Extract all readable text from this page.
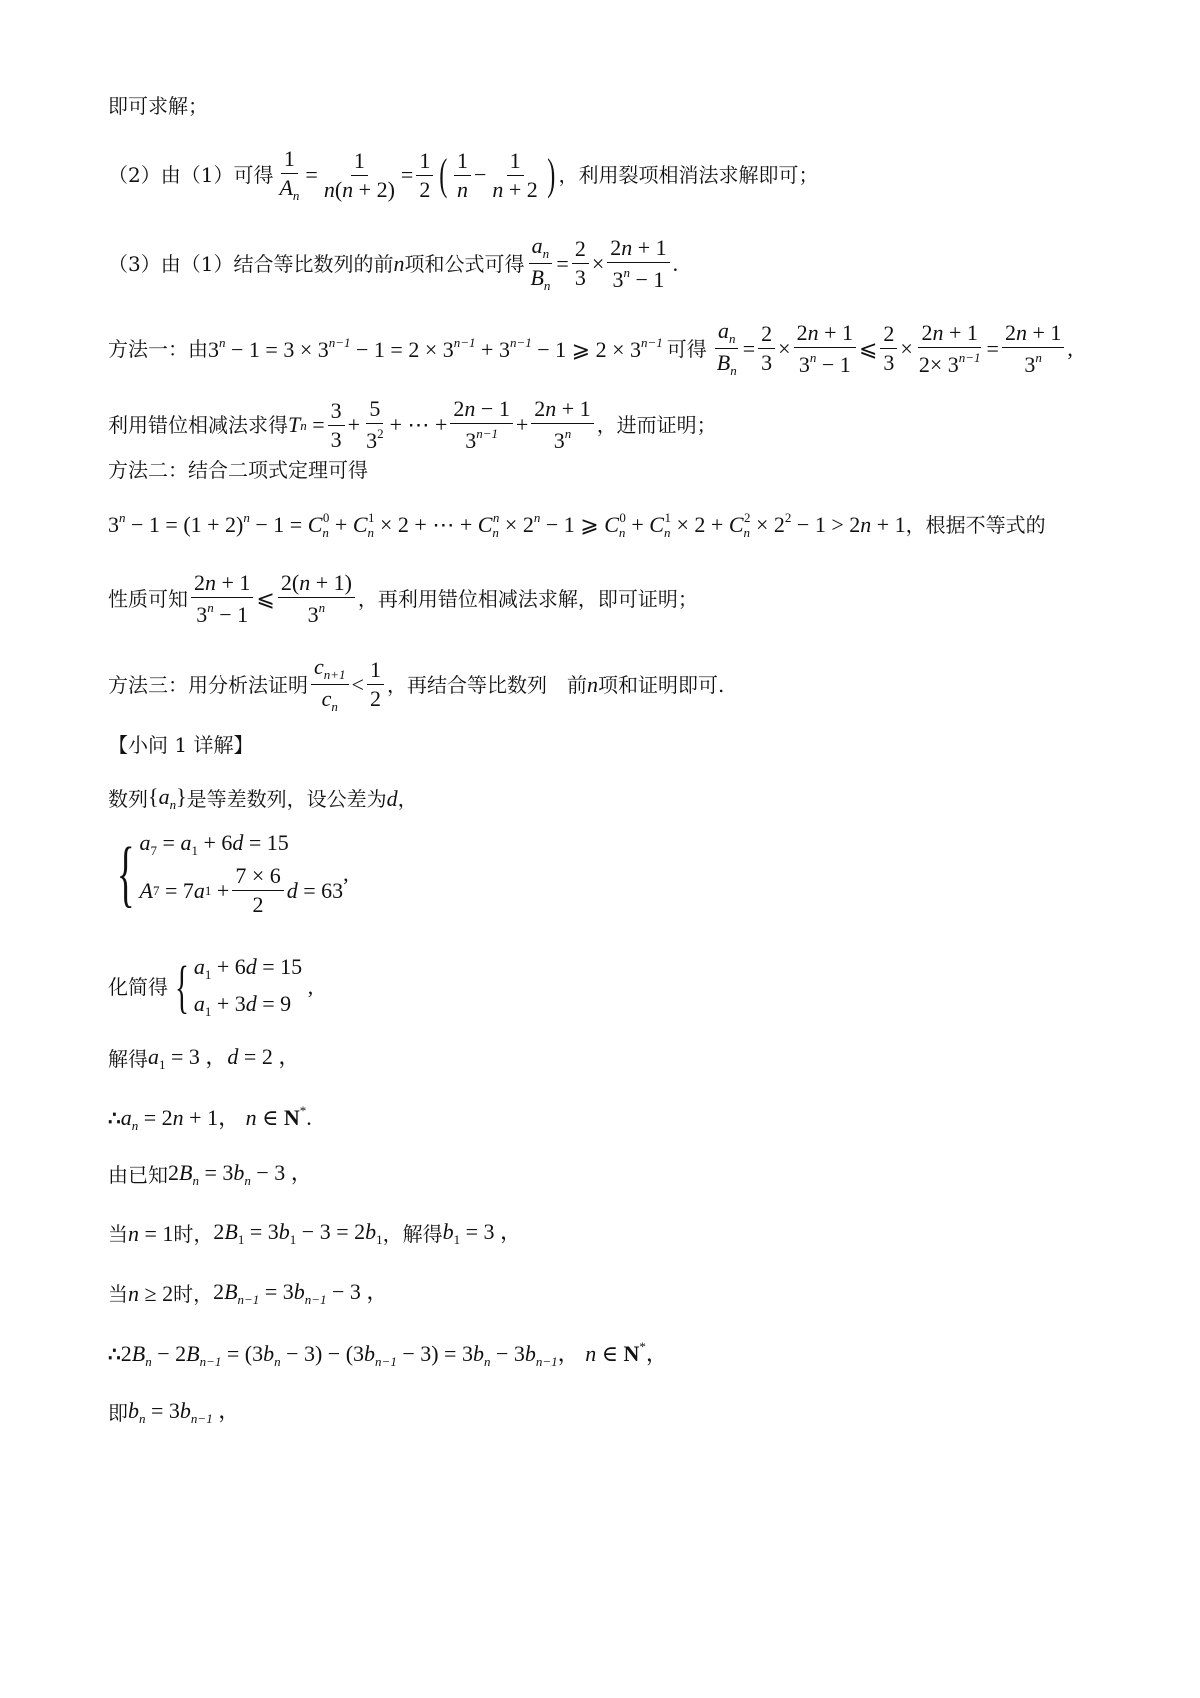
即可求解；
（2）由（1）可得 $\frac{1}{A_n} = \frac{1}{n(n + 2)} = \frac{1}{2}$ ( $\frac{1}{n} - \frac{1}{n + 2}$ ) ，利用裂项相消法求解即可；
（3）由（1）结合等比数列的前 n 项和公式可得 $\frac{a_n}{B_n} = \frac{2}{3} \times \frac{2n + 1}{3^n - 1}$ .
方法一：由 $3^n - 1 = 3 \times 3^{n-1} - 1 = 2 \times 3^{n-1} + 3^{n-1} - 1$ ⩾ $2 \times 3^{n-1}$ 可得 $\frac{a_n}{B_n} = \frac{2}{3} \times \frac{2n + 1}{3^n - 1}$ ⩽ $\frac{2}{3} \times \frac{2n + 1}{2\times 3^{n-1}} = \frac{2n + 1}{3^n}$ ,
利用错位相减法求得 T $n = \frac{3}{3} + \frac{5}{3^2}$ + ⋯ + $\frac{2n - 1}{3^{n-1}} + \frac{2n + 1}{3^n}$ ，进而证明；
方法二：结合二项式定理可得
$3^n - 1 = (1 + 2)^n - 1 = C_n^0 + C_n^1 \times 2$ + ⋯ + $C_n^n \times 2^n - 1$ ⩾ $C_n^0 + C_n^1 \times 2 + C_n^2 \times 2^2 - 1 > 2n + 1$ ，根据不等式的
性质可知 $\frac{2n + 1}{3^n - 1}$ ⩽ $\frac{2(n + 1)}{3^n}$ ，再利用错位相减法求解，即可证明；
方法三：用分析法证明 $\frac{c_{n+1}}{c_n} < \frac{1}{2}$ ，再结合等比数列　前 n 项和证明即可.
【小问 1 详解】
数列 $\{a_n\}$ 是等差数列，设公差为 d ，
{ $a_7 = a_1 + 6d = 15$
A 7 = 7 a $1 + \frac{7 \times 6}{2}$ d = 63
,
化简得 { $a_1 + 6d = 15$
$a_1 + 3d = 9$
,
解得 $a_1 = 3$ ，d = 2 ，
∴ $a_n = 2n + 1$， n ∈ N*.
由已知 $2B_n = 3b_n - 3$ ，
当 n = 1 时， $2B_1 = 3b_1 - 3 = 2b_1$ ，解得 $b_1 = 3$ ，
当 n ≥ 2 时， $2B_{n-1} = 3b_{n-1} - 3$ ，
∴ $2B_n - 2B_{n-1} = (3b_n - 3) - (3b_{n-1} - 3) = 3b_n - 3b_{n-1}$， n ∈ N*，
即 $b_n = 3b_{n-1}$ ，
